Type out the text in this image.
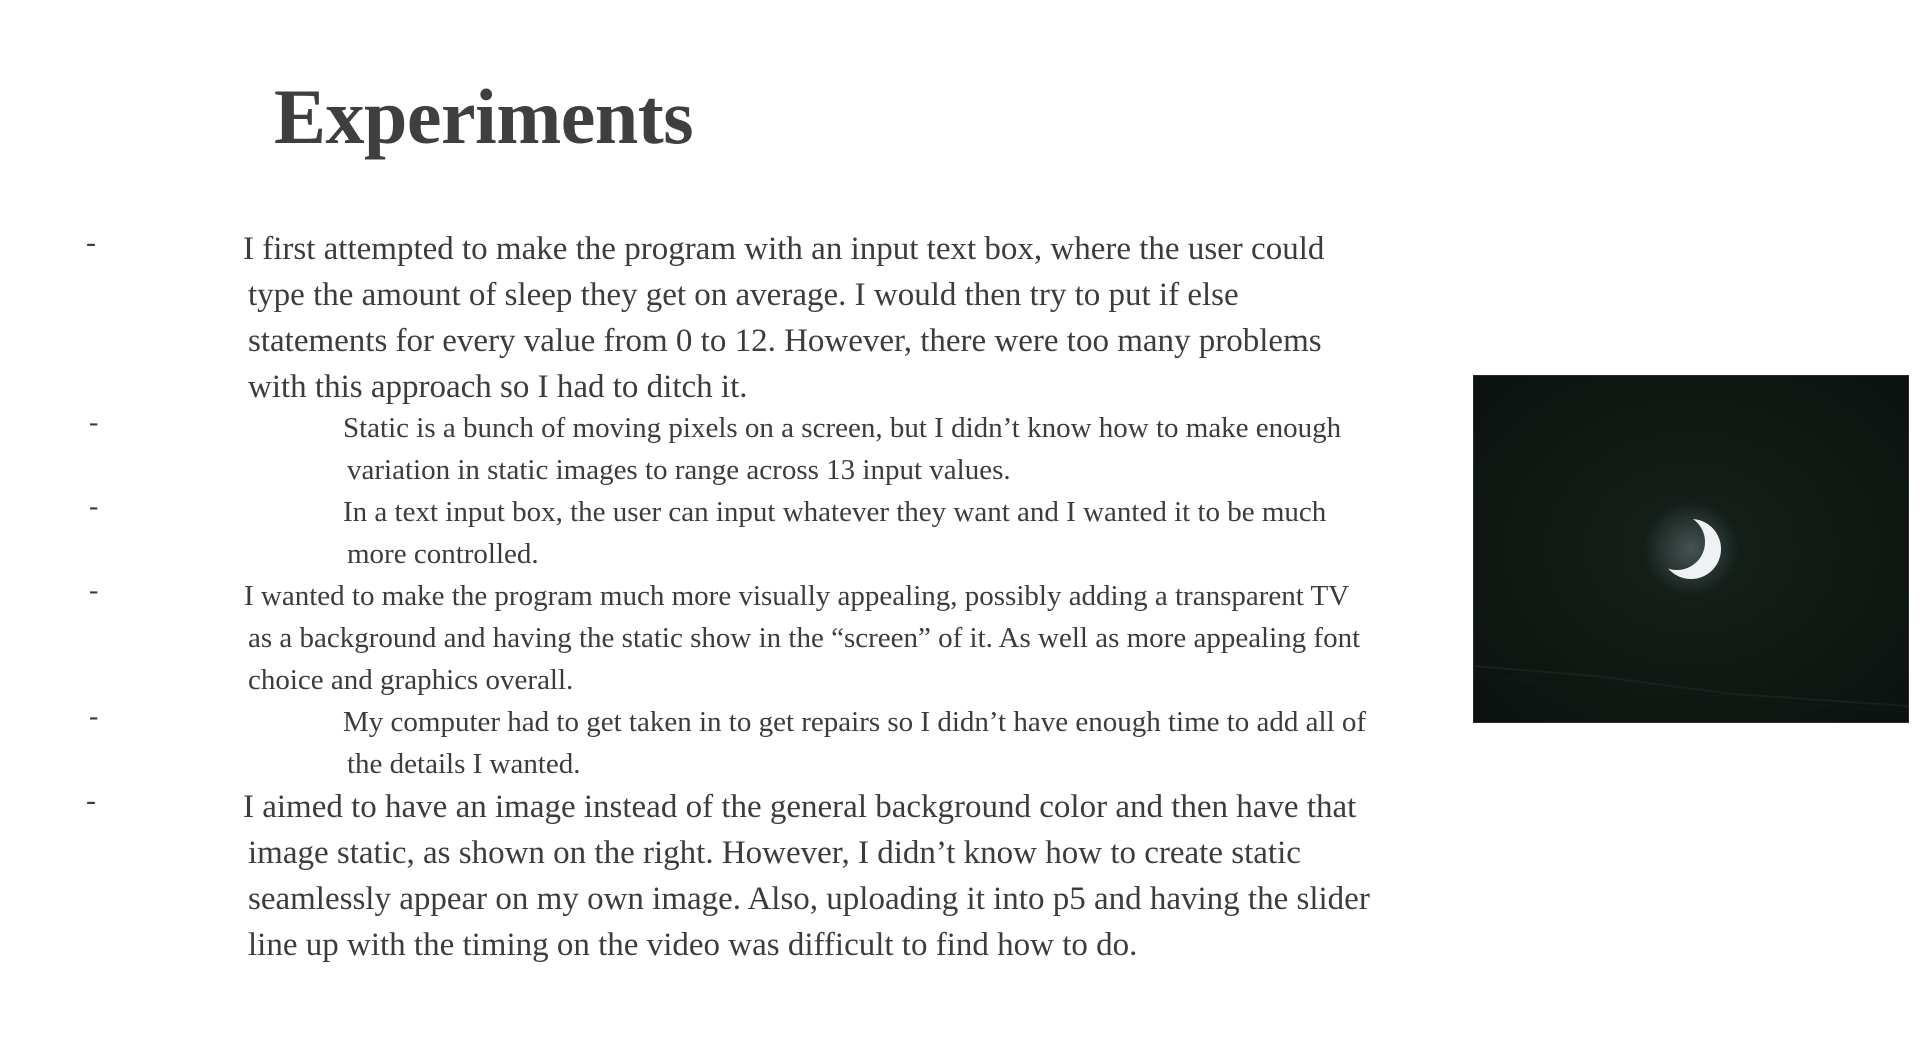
Experiments
-	I first attempted to make the program with an input text box, where the user could
type the amount of sleep they get on average. I would then try to put if else
statements for every value from 0 to 12. However, there were too many problems
with this approach so I had to ditch it.

-	Static is a bunch of moving pixels on a screen, but I didn’t know how to make enough
variation in static images to range across 13 input values.

-	In a text input box, the user can input whatever they want and I wanted it to be much
more controlled.

-	I wanted to make the program much more visually appealing, possibly adding a transparent TV
as a background and having the static show in the “screen” of it. As well as more appealing font
choice and graphics overall.

-	My computer had to get taken in to get repairs so I didn’t have enough time to add all of
the details I wanted.

-	I aimed to have an image instead of the general background color and then have that
image static, as shown on the right. However, I didn’t know how to create static
seamlessly appear on my own image. Also, uploading it into p5 and having the slider
line up with the timing on the video was difficult to find how to do.
